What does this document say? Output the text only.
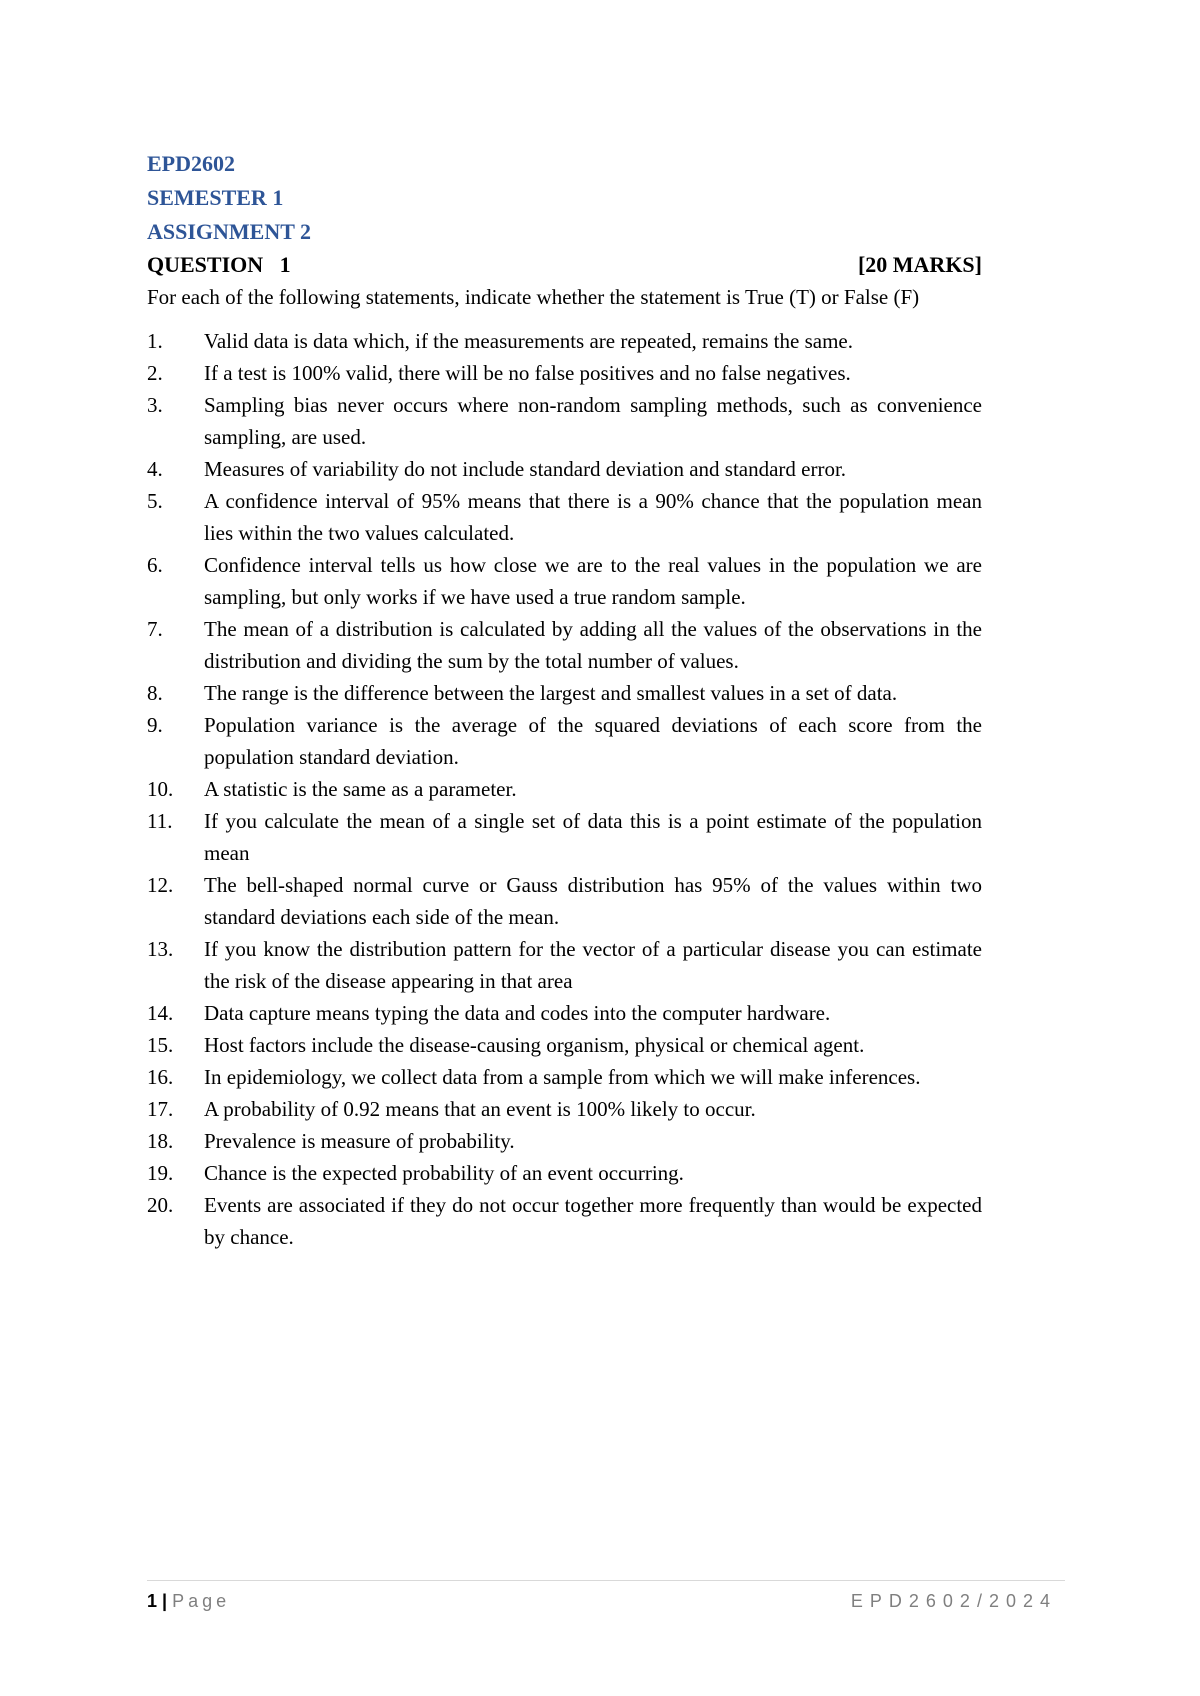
EPD2602
SEMESTER 1
ASSIGNMENT 2
QUESTION   1	[20 MARKS]

For each of the following statements, indicate whether the statement is True (T) or False (F)

1.	Valid data is data which, if the measurements are repeated, remains the same.
2.	If a test is 100% valid, there will be no false positives and no false negatives.
3.	Sampling bias never occurs where non-random sampling methods, such as convenience sampling, are used.
4.	Measures of variability do not include standard deviation and standard error.
5.	A confidence interval of 95% means that there is a 90% chance that the population mean lies within the two values calculated.
6.	Confidence interval tells us how close we are to the real values in the population we are sampling, but only works if we have used a true random sample.
7.	The mean of a distribution is calculated by adding all the values of the observations in the distribution and dividing the sum by the total number of values.
8.	The range is the difference between the largest and smallest values in a set of data.
9.	Population variance is the average of the squared deviations of each score from the population standard deviation.
10.	A statistic is the same as a parameter.
11.	If you calculate the mean of a single set of data this is a point estimate of the population mean
12.	The bell-shaped normal curve or Gauss distribution has 95% of the values within two standard deviations each side of the mean.
13.	If you know the distribution pattern for the vector of a particular disease you can estimate the risk of the disease appearing in that area
14.	Data capture means typing the data and codes into the computer hardware.
15.	Host factors include the disease-causing organism, physical or chemical agent.
16.	In epidemiology, we collect data from a sample from which we will make inferences.
17.	A probability of 0.92 means that an event is 100% likely to occur.
18.	Prevalence is measure of probability.
19.	Chance is the expected probability of an event occurring.
20.	Events are associated if they do not occur together more frequently than would be expected by chance.
1 | Page	EPD2602/2024
